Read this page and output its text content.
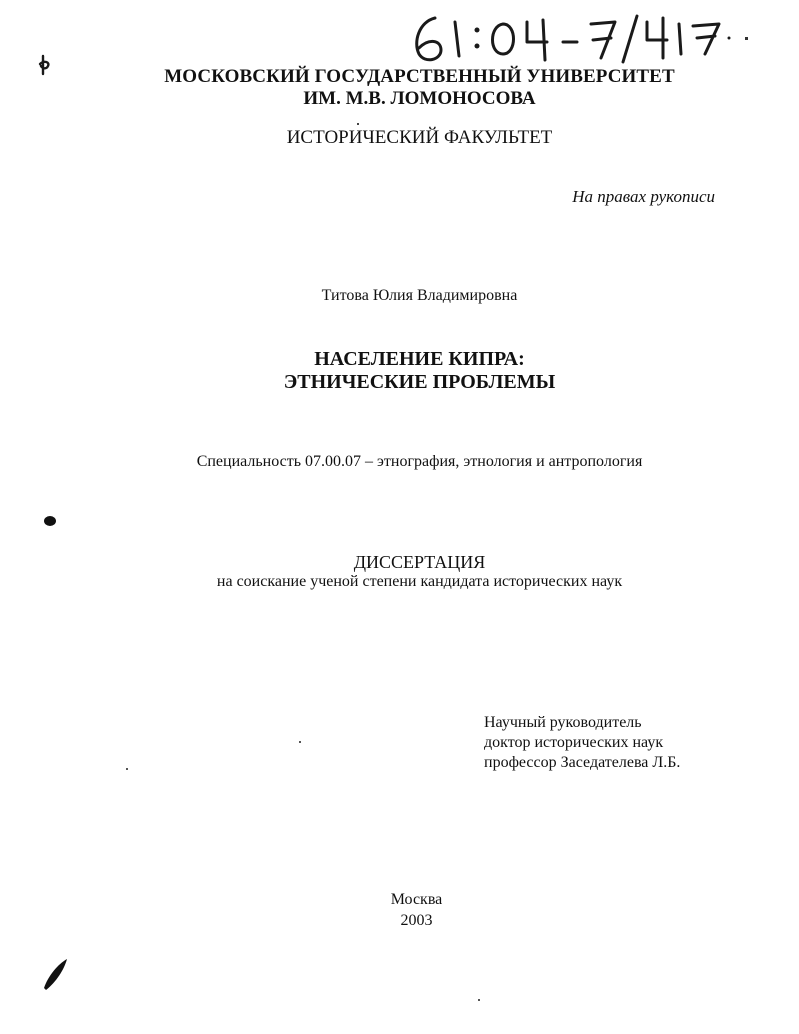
МОСКОВСКИЙ ГОСУДАРСТВЕННЫЙ УНИВЕРСИТЕТ
ИМ. М.В. ЛОМОНОСОВА
ИСТОРИЧЕСКИЙ ФАКУЛЬТЕТ
На правах рукописи
Титова Юлия Владимировна
НАСЕЛЕНИЕ КИПРА:
ЭТНИЧЕСКИЕ ПРОБЛЕМЫ
Специальность 07.00.07 – этнография, этнология и антропология
ДИССЕРТАЦИЯ
на соискание ученой степени кандидата исторических наук
Научный руководитель
доктор исторических наук
профессор Заседателева Л.Б.
Москва
2003
